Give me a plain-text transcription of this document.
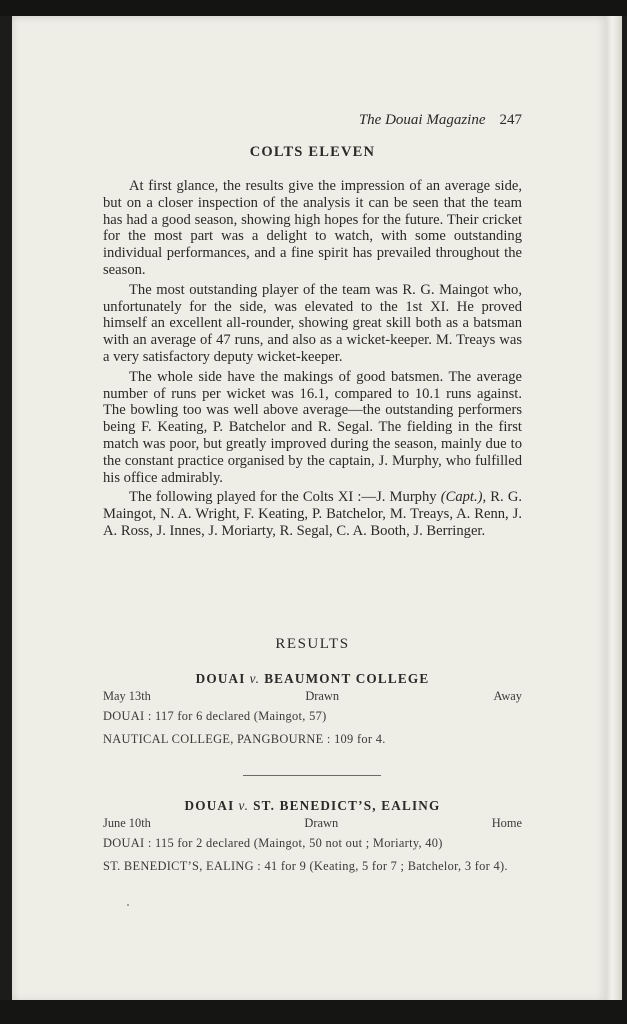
The Douai Magazine 247
COLTS ELEVEN

At first glance, the results give the impression of an average side, but on a closer inspection of the analysis it can be seen that the team has had a good season, showing high hopes for the future. Their cricket for the most part was a delight to watch, with some outstanding individual performances, and a fine spirit has prevailed throughout the season.

The most outstanding player of the team was R. G. Maingot who, unfortunately for the side, was elevated to the 1st XI. He proved himself an excellent all-rounder, showing great skill both as a batsman with an average of 47 runs, and also as a wicket-keeper. M. Treays was a very satisfactory deputy wicket-keeper.

The whole side have the makings of good batsmen. The average number of runs per wicket was 16.1, compared to 10.1 runs against. The bowling too was well above average—the outstanding performers being F. Keating, P. Batchelor and R. Segal. The fielding in the first match was poor, but greatly improved during the season, mainly due to the constant practice organised by the captain, J. Murphy, who fulfilled his office admirably.

The following played for the Colts XI :—J. Murphy (Capt.), R. G. Maingot, N. A. Wright, F. Keating, P. Batchelor, M. Treays, A. Renn, J. A. Ross, J. Innes, J. Moriarty, R. Segal, C. A. Booth, J. Berringer.

RESULTS
DOUAI v. BEAUMONT COLLEGE
May 13th	Drawn	Away
DOUAI : 117 for 6 declared (Maingot, 57)
NAUTICAL COLLEGE, PANGBOURNE : 109 for 4.
DOUAI v. ST. BENEDICT’S, EALING
June 10th	Drawn	Home
DOUAI : 115 for 2 declared (Maingot, 50 not out ; Moriarty, 40)
ST. BENEDICT’S, EALING : 41 for 9 (Keating, 5 for 7 ; Batchelor, 3 for 4).
